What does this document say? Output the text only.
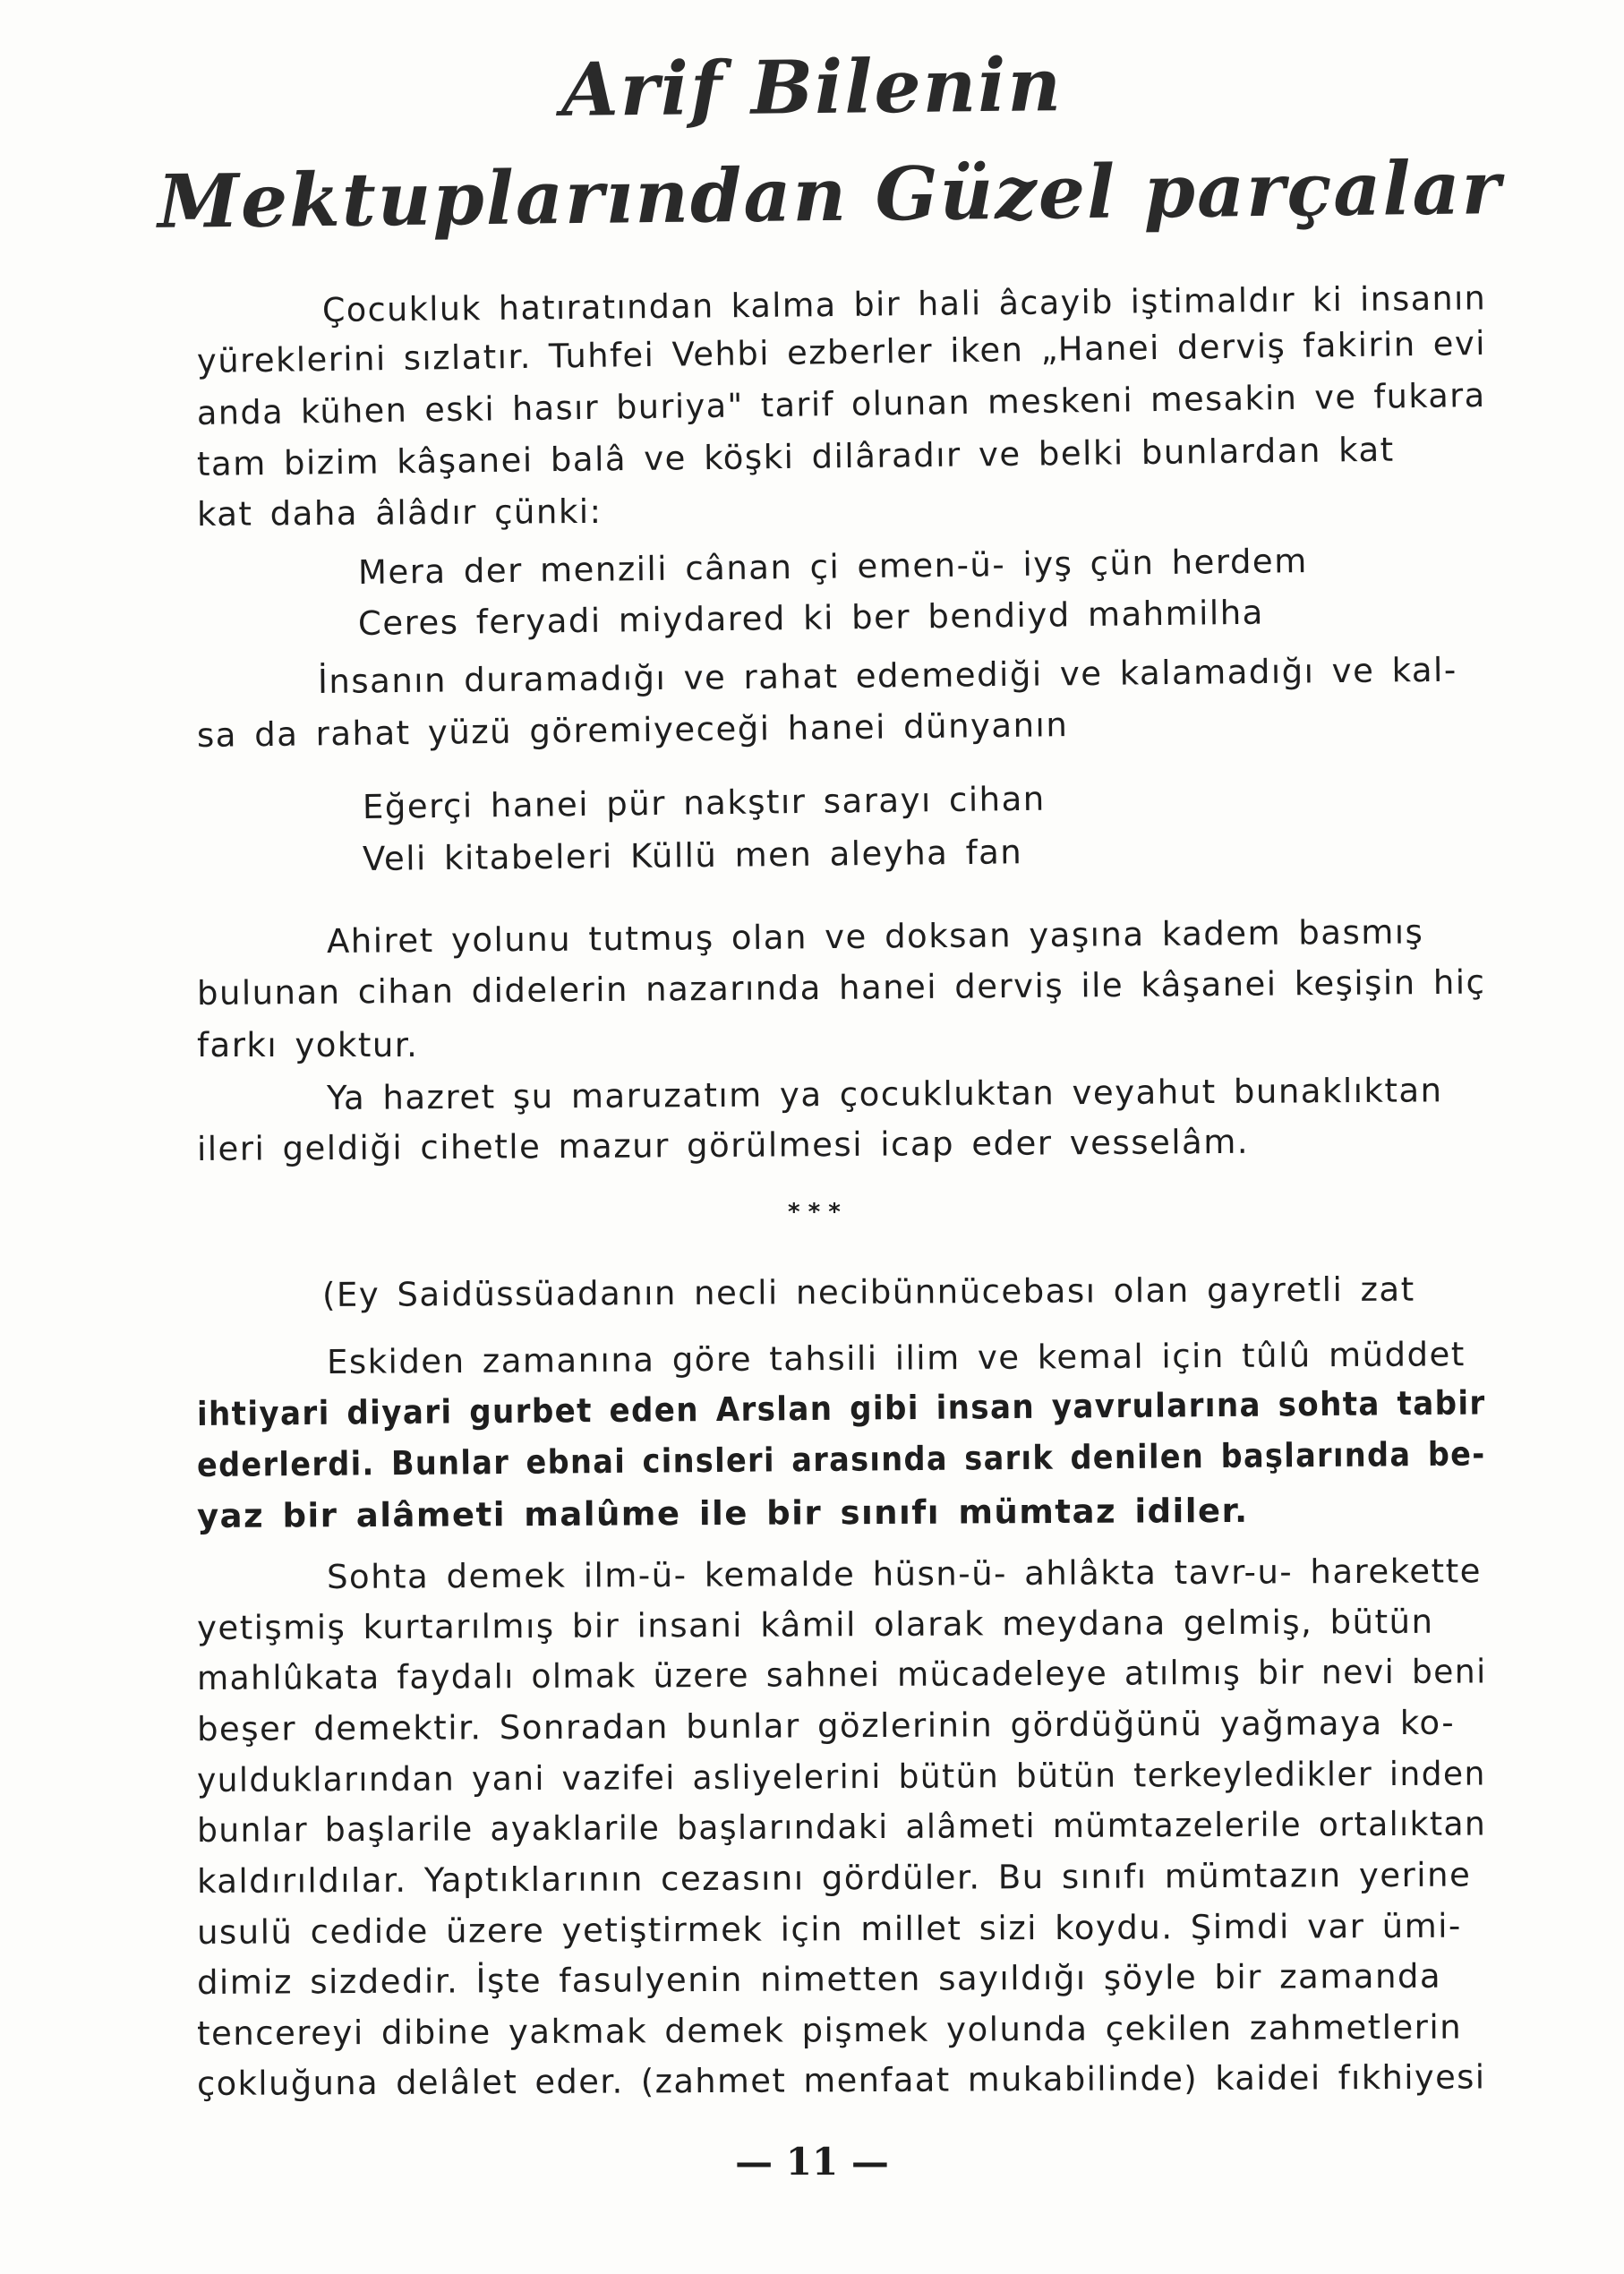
Arif Bilenin
Mektuplarından Güzel parçalar
Çocukluk hatıratından kalma bir hali âcayib iştimaldır ki insanın
yüreklerini sızlatır. Tuhfei Vehbi ezberler iken „Hanei derviş fakirin evi
anda kühen eski hasır buriya" tarif olunan meskeni mesakin ve fukara
tam bizim kâşanei balâ ve köşki dilâradır ve belki bunlardan kat
kat daha âlâdır çünki:
Mera der menzili cânan çi emen-ü- iyş çün herdem
Ceres feryadi miydared ki ber bendiyd mahmilha
İnsanın duramadığı ve rahat edemediği ve kalamadığı ve kal-
sa da rahat yüzü göremiyeceği hanei dünyanın
Eğerçi hanei pür nakştır sarayı cihan
Veli kitabeleri Küllü men aleyha fan
Ahiret yolunu tutmuş olan ve doksan yaşına kadem basmış
bulunan cihan didelerin nazarında hanei derviş ile kâşanei keşişin hiç
farkı yoktur.
Ya hazret şu maruzatım ya çocukluktan veyahut bunaklıktan
ileri geldiği cihetle mazur görülmesi icap eder vesselâm.
* * *
(Ey Saidüssüadanın necli necibünnücebası olan gayretli zat
Eskiden zamanına göre tahsili ilim ve kemal için tûlû müddet
ihtiyari diyari gurbet eden Arslan gibi insan yavrularına sohta tabir
ederlerdi. Bunlar ebnai cinsleri arasında sarık denilen başlarında be-
yaz bir alâmeti malûme ile bir sınıfı mümtaz idiler.
Sohta demek ilm-ü- kemalde hüsn-ü- ahlâkta tavr-u- harekette
yetişmiş kurtarılmış bir insani kâmil olarak meydana gelmiş, bütün
mahlûkata faydalı olmak üzere sahnei mücadeleye atılmış bir nevi beni
beşer demektir. Sonradan bunlar gözlerinin gördüğünü yağmaya ko-
yulduklarından yani vazifei asliyelerini bütün bütün terkeyledikler inden
bunlar başlarile ayaklarile başlarındaki alâmeti mümtazelerile ortalıktan
kaldırıldılar. Yaptıklarının cezasını gördüler. Bu sınıfı mümtazın yerine
usulü cedide üzere yetiştirmek için millet sizi koydu. Şimdi var ümi-
dimiz sizdedir. İşte fasulyenin nimetten sayıldığı şöyle bir zamanda
tencereyi dibine yakmak demek pişmek yolunda çekilen zahmetlerin
çokluğuna delâlet eder. (zahmet menfaat mukabilinde) kaidei fıkhiyesi
— 11 —
